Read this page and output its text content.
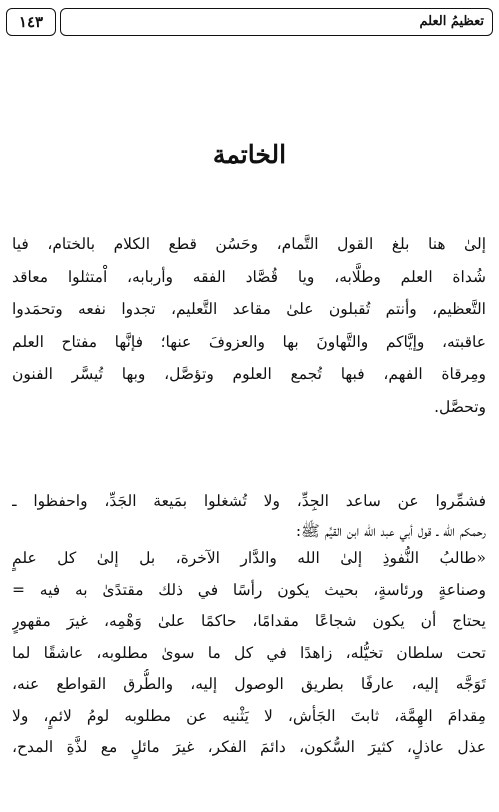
١٤٣	تعظيمُ العلم
الخاتمة
إلىٰ هنا بلغ القول التَّمام، وحَسُن قطع الكلام بالختام، فيا
شُداة العلم وطلَّابه، ويا قُصَّاد الفقه وأربابه، اْمتثلوا معاقد
التَّعظيم، وأنتم تُقبلون علىٰ مقاعد التَّعليم، تجدوا نفعه وتحمَدوا
عاقبته، وإيَّاكم والتَّهاونَ بها والعزوفَ عنها؛ فإنَّها مفتاح العلم
ومِرقاة الفهم، فبها تُجمع العلوم وتؤصَّل، وبها تُيسَّر الفنون
وتحصَّل.
فشمِّروا عن ساعد الجِدِّ، ولا تُشغلوا بمَيعة الجَدِّ، واحفظوا ـ
رحمكم الله ـ قول أبي عبد الله ابن القيِّم ﷺ:
«طالبُ النُّفوذِ إلىٰ الله والدَّار الآخرة، بل إلىٰ كل علمٍ
وصناعةٍ ورئاسةٍ، بحيث يكون رأسًا في ذلك مقتدًىٰ به فيه =
يحتاج أن يكون شجاعًا مقدامًا، حاكمًا علىٰ وَهْمِه، غيرَ مقهورٍ
تحت سلطان تخيُّله، زاهدًا في كل ما سوىٰ مطلوبه، عاشقًا لما
تَوَجَّه إليه، عارفًا بطريق الوصول إليه، والطُّرق القواطع عنه،
مِقدامَ الهِمَّة، ثابتَ الجَأش، لا يَثْنيه عن مطلوبه لومُ لائمٍ، ولا
عذل عاذلٍ، كثيرَ السُّكون، دائمَ الفكر، غيرَ مائلٍ مع لذَّةِ المدح،
